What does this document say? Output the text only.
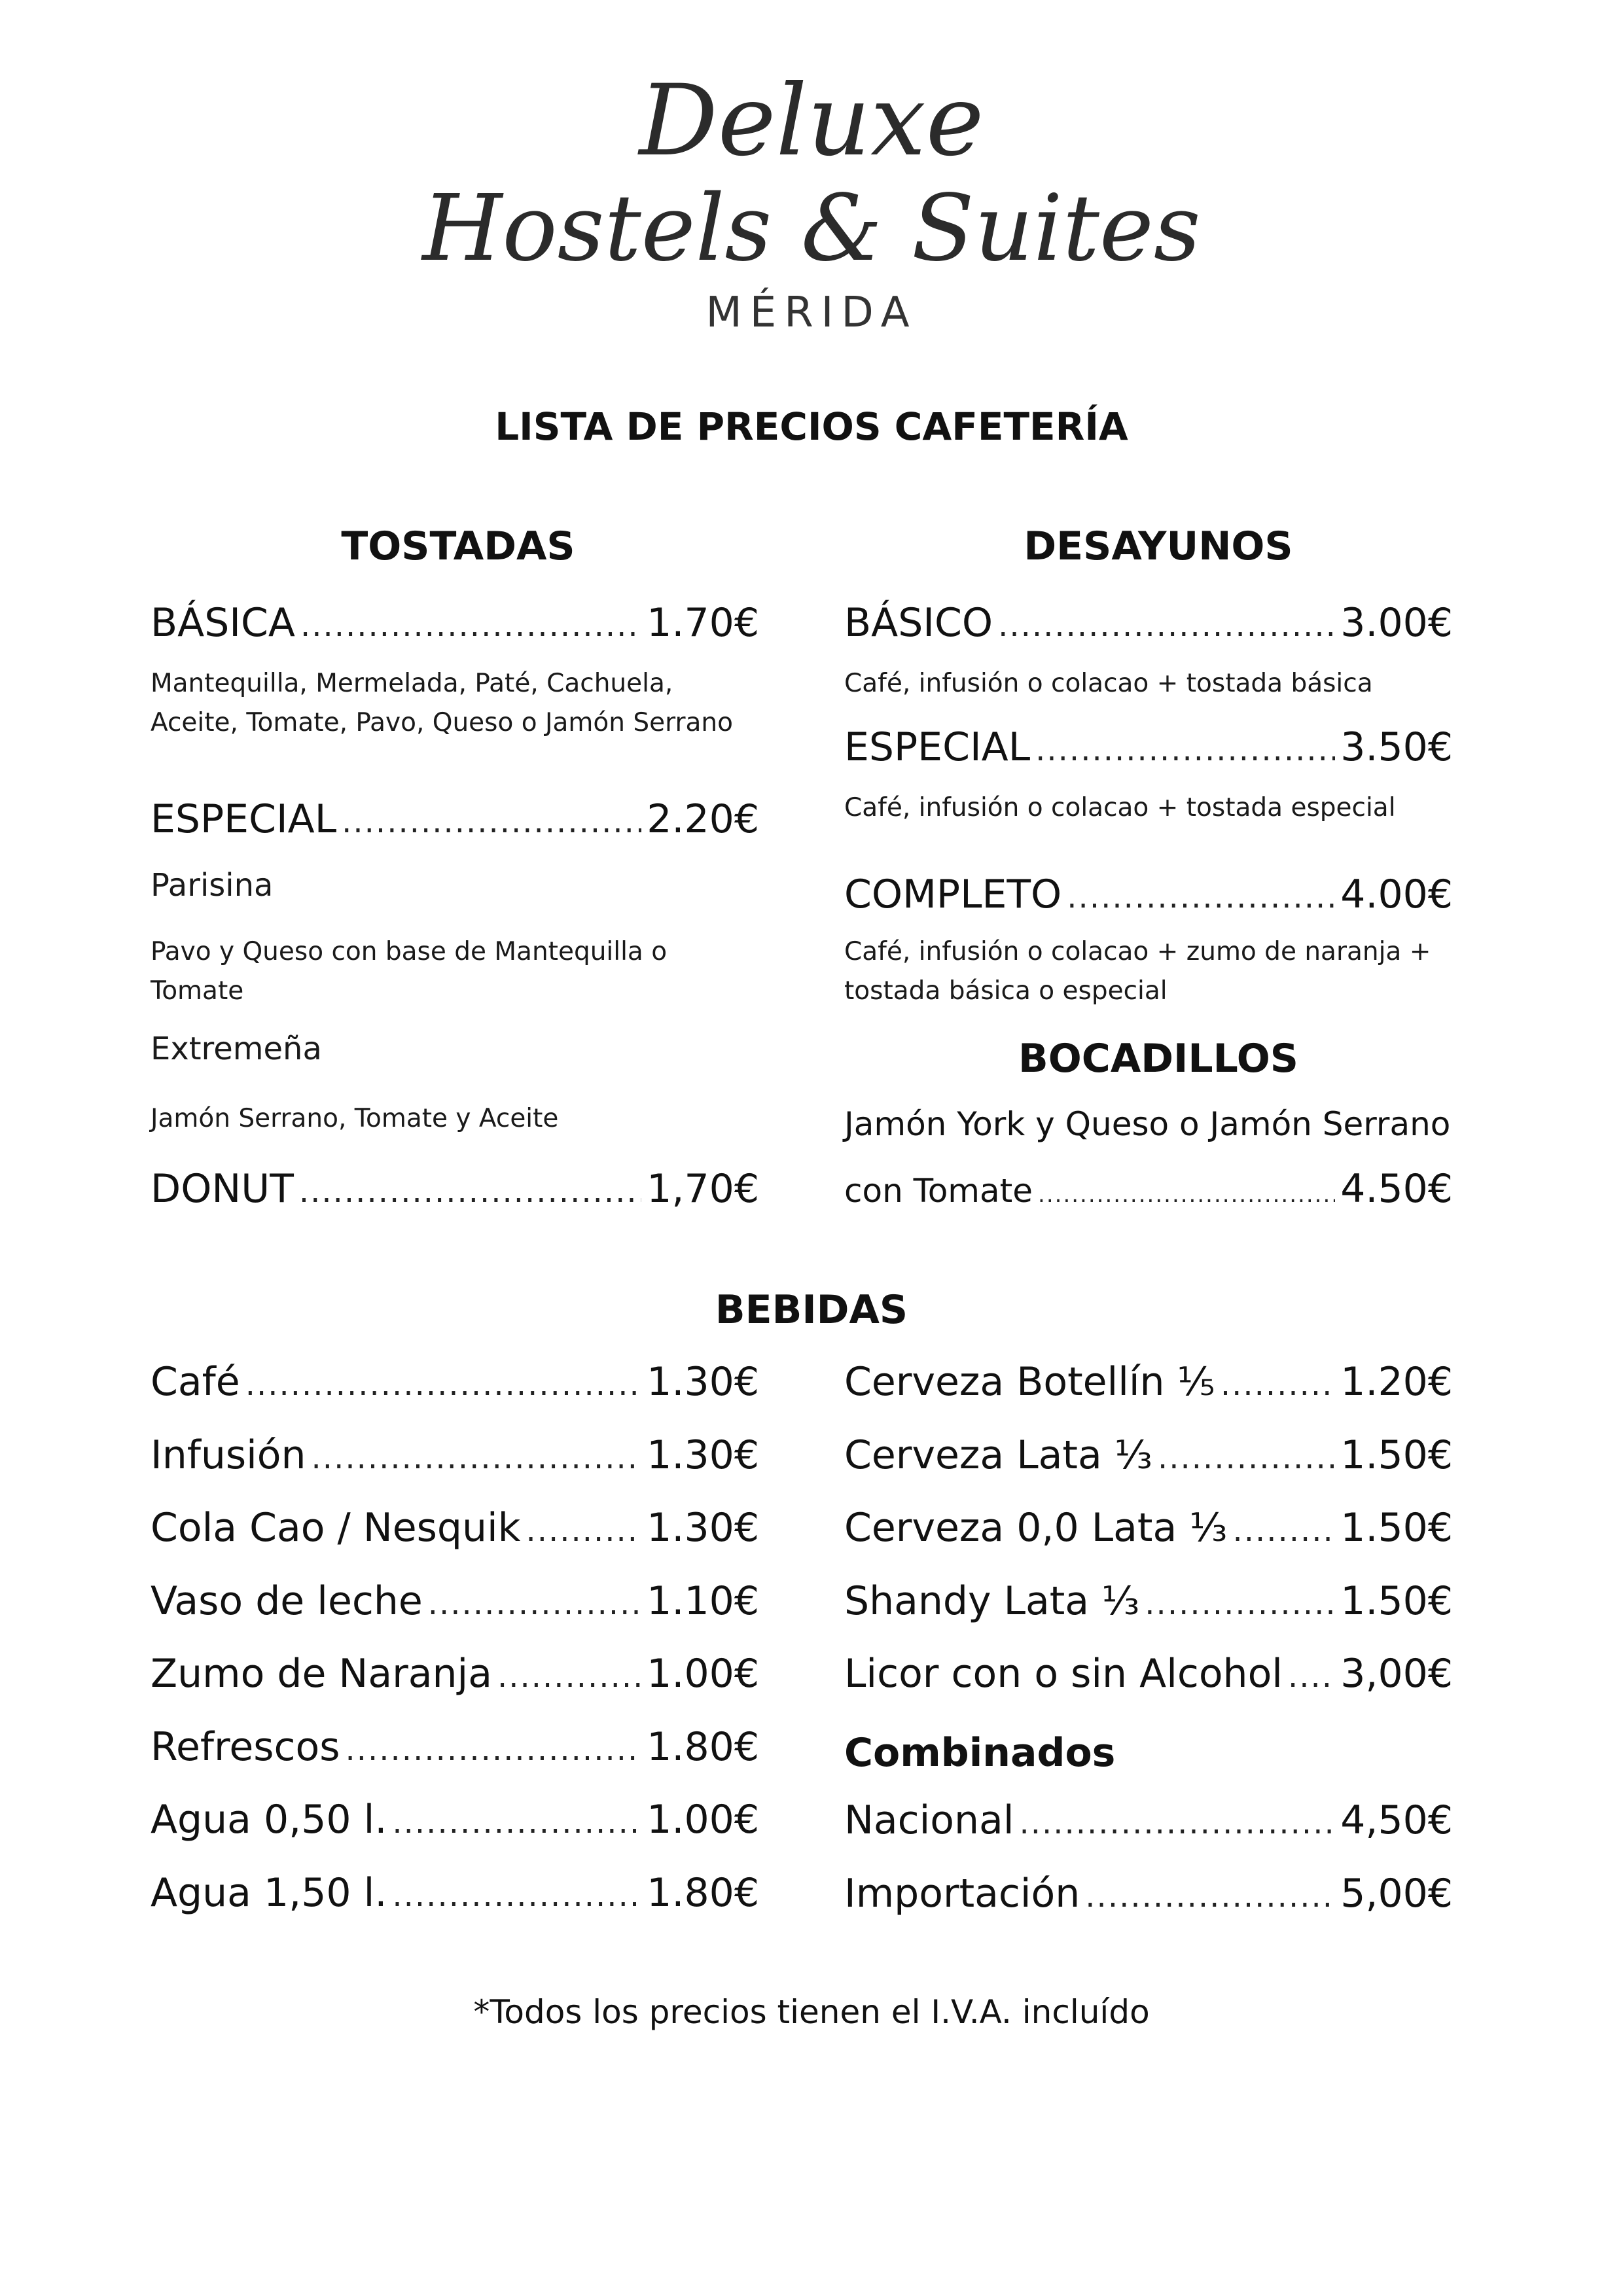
Deluxe
Hostels & Suites
MÉRIDA
LISTA DE PRECIOS CAFETERÍA
TOSTADAS
BÁSICA .....	1.70€
Mantequilla, Mermelada, Paté, Cachuela, Aceite, Tomate, Pavo, Queso o Jamón Serrano
ESPECIAL .....	2.20€
Parisina
Pavo y Queso con base de Mantequilla o Tomate
Extremeña
Jamón Serrano, Tomate y Aceite
DONUT .....	1,70€
DESAYUNOS
BÁSICO .....	3.00€
Café, infusión o colacao + tostada básica
ESPECIAL .....	3.50€
Café, infusión o colacao + tostada especial
COMPLETO .....	4.00€
Café, infusión o colacao + zumo de naranja + tostada básica o especial
BOCADILLOS
Jamón York y Queso o Jamón Serrano
con Tomate .....	4.50€
BEBIDAS
Café .....	1.30€
Infusión .....	1.30€
Cola Cao / Nesquik .....	1.30€
Vaso de leche .....	1.10€
Zumo de Naranja .....	1.00€
Refrescos .....	1.80€
Agua 0,50 l. .....	1.00€
Agua 1,50 l. .....	1.80€
Cerveza Botellín ⅕ .....	1.20€
Cerveza Lata ⅓ .....	1.50€
Cerveza 0,0 Lata ⅓ .....	1.50€
Shandy Lata ⅓ .....	1.50€
Licor con o sin Alcohol ..... 3,00€
Combinados
Nacional .....	4,50€
Importación .....	5,00€
*Todos los precios tienen el I.V.A. incluído
